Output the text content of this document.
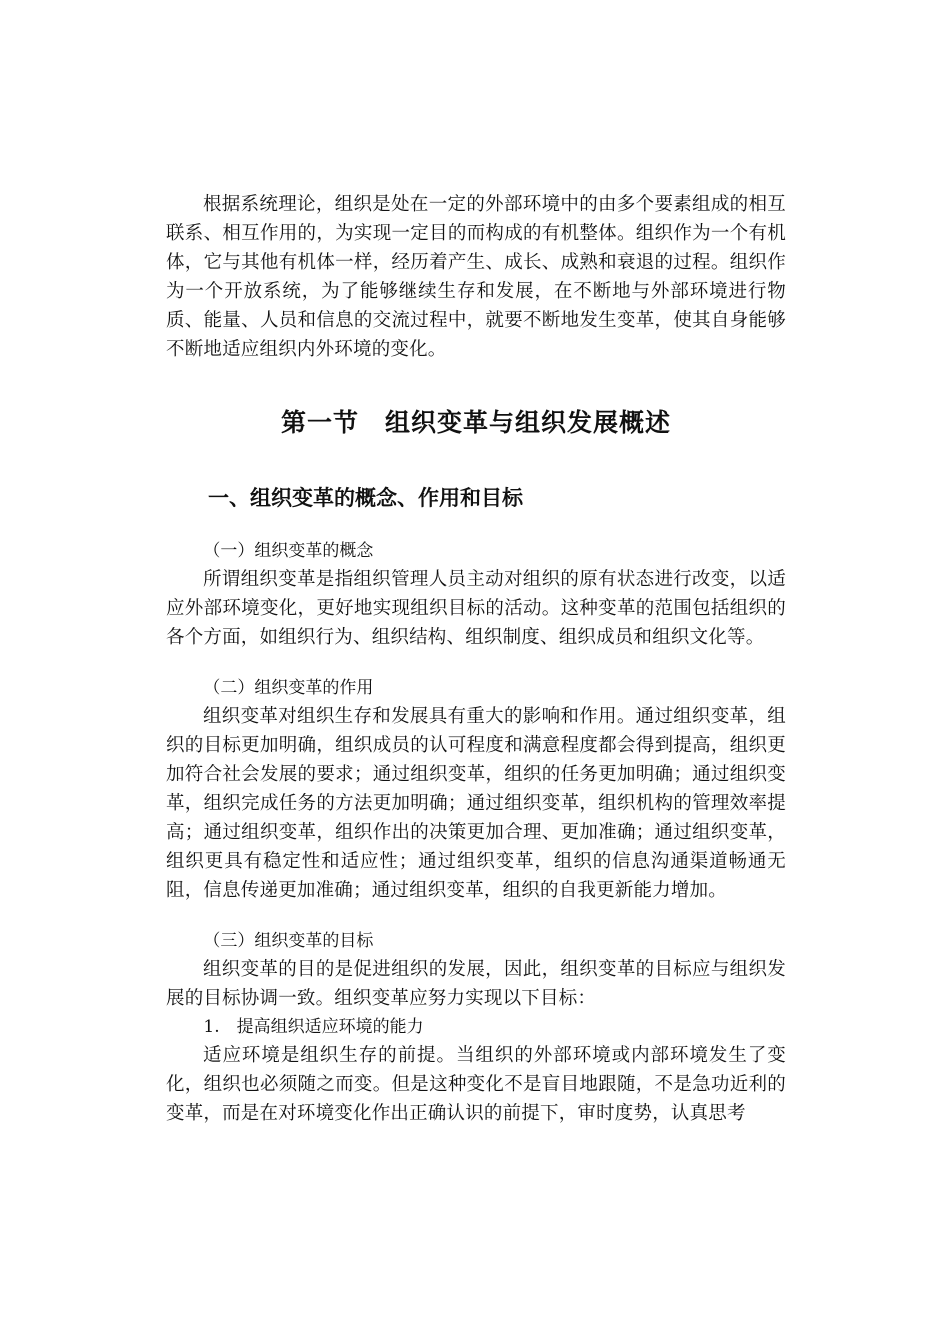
根据系统理论，组织是处在一定的外部环境中的由多个要素组成的相互联系、相互作用的，为实现一定目的而构成的有机整体。组织作为一个有机体，它与其他有机体一样，经历着产生、成长、成熟和衰退的过程。组织作为一个开放系统，为了能够继续生存和发展，在不断地与外部环境进行物质、能量、人员和信息的交流过程中，就要不断地发生变革，使其自身能够不断地适应组织内外环境的变化。

第一节　组织变革与组织发展概述
一、组织变革的概念、作用和目标

（一）组织变革的概念

所谓组织变革是指组织管理人员主动对组织的原有状态进行改变，以适应外部环境变化，更好地实现组织目标的活动。这种变革的范围包括组织的各个方面，如组织行为、组织结构、组织制度、组织成员和组织文化等。

（二）组织变革的作用

组织变革对组织生存和发展具有重大的影响和作用。通过组织变革，组织的目标更加明确，组织成员的认可程度和满意程度都会得到提高，组织更加符合社会发展的要求；通过组织变革，组织的任务更加明确；通过组织变革，组织完成任务的方法更加明确；通过组织变革，组织机构的管理效率提高；通过组织变革，组织作出的决策更加合理、更加准确；通过组织变革，组织更具有稳定性和适应性；通过组织变革，组织的信息沟通渠道畅通无阻，信息传递更加准确；通过组织变革，组织的自我更新能力增加。

（三）组织变革的目标

组织变革的目的是促进组织的发展，因此，组织变革的目标应与组织发展的目标协调一致。组织变革应努力实现以下目标：

1.　提高组织适应环境的能力

适应环境是组织生存的前提。当组织的外部环境或内部环境发生了变化，组织也必须随之而变。但是这种变化不是盲目地跟随，不是急功近利的变革，而是在对环境变化作出正确认识的前提下，审时度势，认真思考
